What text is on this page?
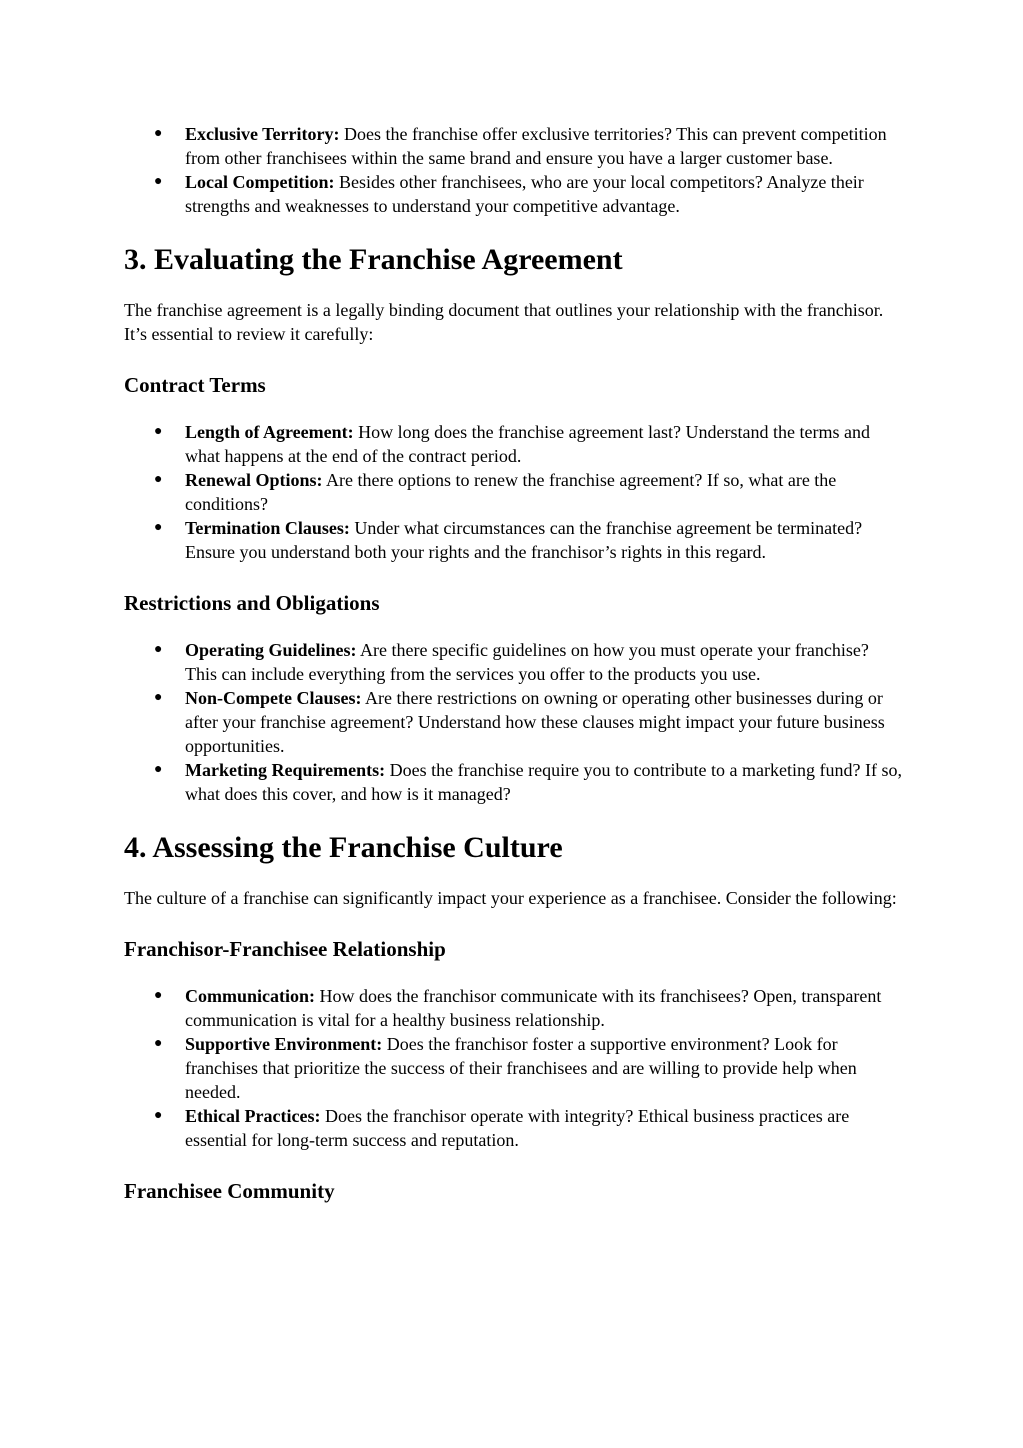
● Exclusive Territory: Does the franchise offer exclusive territories? This can prevent competition from other franchisees within the same brand and ensure you have a larger customer base.
● Local Competition: Besides other franchisees, who are your local competitors? Analyze their strengths and weaknesses to understand your competitive advantage.
3. Evaluating the Franchise Agreement

The franchise agreement is a legally binding document that outlines your relationship with the franchisor. It’s essential to review it carefully:

Contract Terms
● Length of Agreement: How long does the franchise agreement last? Understand the terms and what happens at the end of the contract period.
● Renewal Options: Are there options to renew the franchise agreement? If so, what are the conditions?
● Termination Clauses: Under what circumstances can the franchise agreement be terminated? Ensure you understand both your rights and the franchisor’s rights in this regard.
Restrictions and Obligations
● Operating Guidelines: Are there specific guidelines on how you must operate your franchise? This can include everything from the services you offer to the products you use.
● Non-Compete Clauses: Are there restrictions on owning or operating other businesses during or after your franchise agreement? Understand how these clauses might impact your future business opportunities.
● Marketing Requirements: Does the franchise require you to contribute to a marketing fund? If so, what does this cover, and how is it managed?
4. Assessing the Franchise Culture

The culture of a franchise can significantly impact your experience as a franchisee. Consider the following:

Franchisor-Franchisee Relationship
● Communication: How does the franchisor communicate with its franchisees? Open, transparent communication is vital for a healthy business relationship.
● Supportive Environment: Does the franchisor foster a supportive environment? Look for franchises that prioritize the success of their franchisees and are willing to provide help when needed.
● Ethical Practices: Does the franchisor operate with integrity? Ethical business practices are essential for long-term success and reputation.
Franchisee Community
